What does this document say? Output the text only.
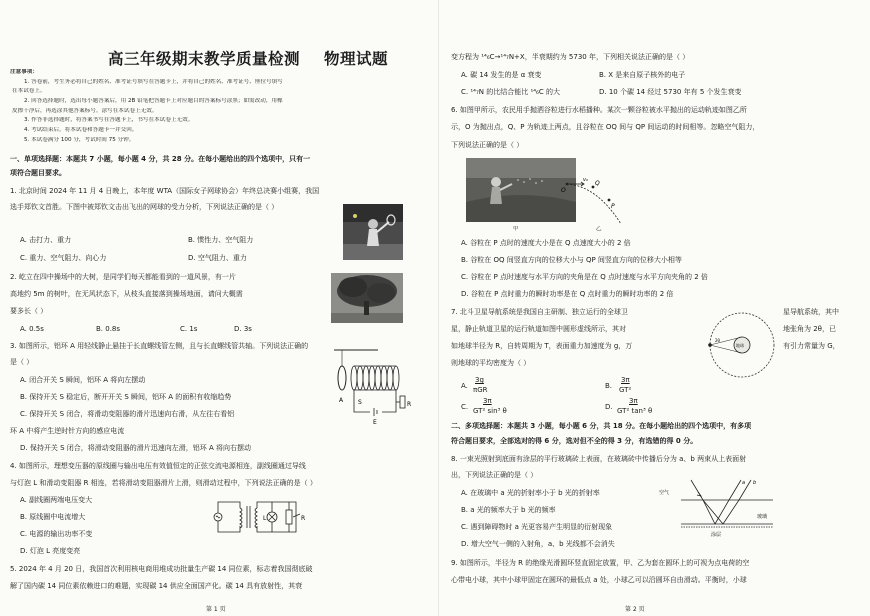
高三年级期末教学质量检测 物理试题
注意事项：
1. 答卷前，考生务必将自己的姓名、准考证号填写在答题卡上，并将自己的姓名、准考证号、座位号填写
在本试卷上。
2. 回答选择题时，选出每小题答案后，用 2B 铅笔把答题卡上对应题目的答案标号涂黑；如需改动，用橡
皮擦干净后，再选涂其他答案标号。涂写在本试卷上无效。
3. 作答非选择题时，将答案书写在答题卡上，书写在本试卷上无效。
4. 考试结束后，将本试卷和答题卡一并交回。
5. 本试卷满分 100 分，考试时间 75 分钟。
一、单项选择题：本题共 7 小题，每小题 4 分，共 28 分。在每小题给出的四个选项中，只有一
项符合题目要求。
1. 北京时间 2024 年 11 月 4 日晚上，本年度 WTA（国际女子网球协会）年终总决赛小组赛，我国
选手郑钦文首胜。下图中被郑钦文击出飞出的网球的受力分析，下列说法正确的是（ ）
A. 击打力、重力	B. 惯性力、空气阻力
C. 重力、空气阻力、向心力	D. 空气阻力、重力
2. 屹立在四中操场中的大树，是同学们每天都能看到的一道风景，有一片
高地约 5m 的树叶，在无风状态下，从枝头直接落到操场地面，请问大概需
要多长（ ）
A. 0.5s	B. 0.8s	C. 1s	D. 3s
3. 如图所示，铝环 A 用轻线静止悬挂于长直螺线管左侧，且与长直螺线管共轴。下列说法正确的
是（ ）
A. 闭合开关 S 瞬间，铝环 A 将向左摆动
B. 保持开关 S 稳定后，断开开关 S 瞬间，铝环 A 的面积有收缩趋势
C. 保持开关 S 闭合，将滑动变阻器的滑片迅速向右滑，从左往右看铝
环 A 中将产生逆时针方向的感应电流
D. 保持开关 S 闭合，将滑动变阻器的滑片迅速向左滑，铝环 A 将向右摆动
A S
E
R
4. 如图所示，理想变压器的原线圈与输出电压有效值恒定的正弦交流电源相连，副线圈通过导线
与灯泡 L 和滑动变阻器 R 相连，若将滑动变阻器滑片上滑，则滑动过程中，下列说法正确的是（ ）
A. 副线圈两端电压变大
B. 原线圈中电流增大
C. 电源的输出功率不变
D. 灯泡 L 亮度变亮
L	R
5. 2024 年 4 月 20 日，我国首次利用核电商用堆成功批量生产碳 14 同位素，标志着我国彻底破
解了国内碳 14 同位素依赖进口的难题，实现碳 14 供应全面国产化。碳 14 具有放射性，其衰
第 1 页
变方程为 ¹⁴₆C→¹⁴₇N+X，半衰期约为 5730 年，下列相关说法正确的是（ ）
A. 碳 14 发生的是 α 衰变	B. X 是来自原子核外的电子
C. ¹⁴₇N 的比结合能比 ¹⁴₆C 的大	D. 10 个碳 14 经过 5730 年有 5 个发生衰变
6. 如图甲所示，农民用手抛洒谷粒进行水稻播种。某次一颗谷粒被水平抛出的运动轨迹如图乙所
示，O 为抛出点，Q、P 为轨迹上两点，且谷粒在 OQ 间与 QP 间运动的时间相等。忽略空气阻力，
下列说法正确的是（ ）
甲
O
v₀ Q
P
乙
A. 谷粒在 P 点时的速度大小是在 Q 点速度大小的 2 倍
B. 谷粒在 OQ 间竖直方向的位移大小与 QP 间竖直方向的位移大小相等
C. 谷粒在 P 点时速度与水平方向的夹角是在 Q 点时速度与水平方向夹角的 2 倍
D. 谷粒在 P 点时重力的瞬时功率是在 Q 点时重力的瞬时功率的 2 倍
7. 北斗卫星导航系统是我国自主研制、独立运行的全球卫
星，静止轨道卫星的运行轨道如图中圆形虚线所示，其对
如地球半径为 R，自转周期为 T，表面重力加速度为 g，万
则地球的平均密度为（ ）
星导航系统，其中
地张角为 2θ，已
有引力常量为 G，
地球
2θ
A.
3g
πGR	B.
3π
GT²
C.
3π
GT² sin³ θ	D.
3π
GT² tan³ θ
二、多项选择题：本题共 3 小题，每小题 6 分，共 18 分。在每小题给出的四个选项中，有多项
符合题目要求，全部选对的得 6 分，选对但不全的得 3 分，有选错的得 0 分。
8. 一束光照射到底面有涂层的平行玻璃砖上表面，在玻璃砖中传播后分为 a、b 两束从上表面射
出，下列说法正确的是（ ）
A. 在玻璃中 a 光的折射率小于 b 光的折射率
B. a 光的频率大于 b 光的频率
C. 遇到障碍物时 a 光更容易产生明显的衍射现象
D. 增大空气一侧的入射角，a、b 光线都不会消失
空气
a b
玻璃
涂层
9. 如图所示，半径为 R 的绝缘光滑圆环竖直固定放置，甲、乙为套在圆环上的可视为点电荷的空
心带电小球，其中小球甲固定在圆环的最低点 a 处，小球乙可以沿圆环自由滑动。平衡时，小球
第 2 页
